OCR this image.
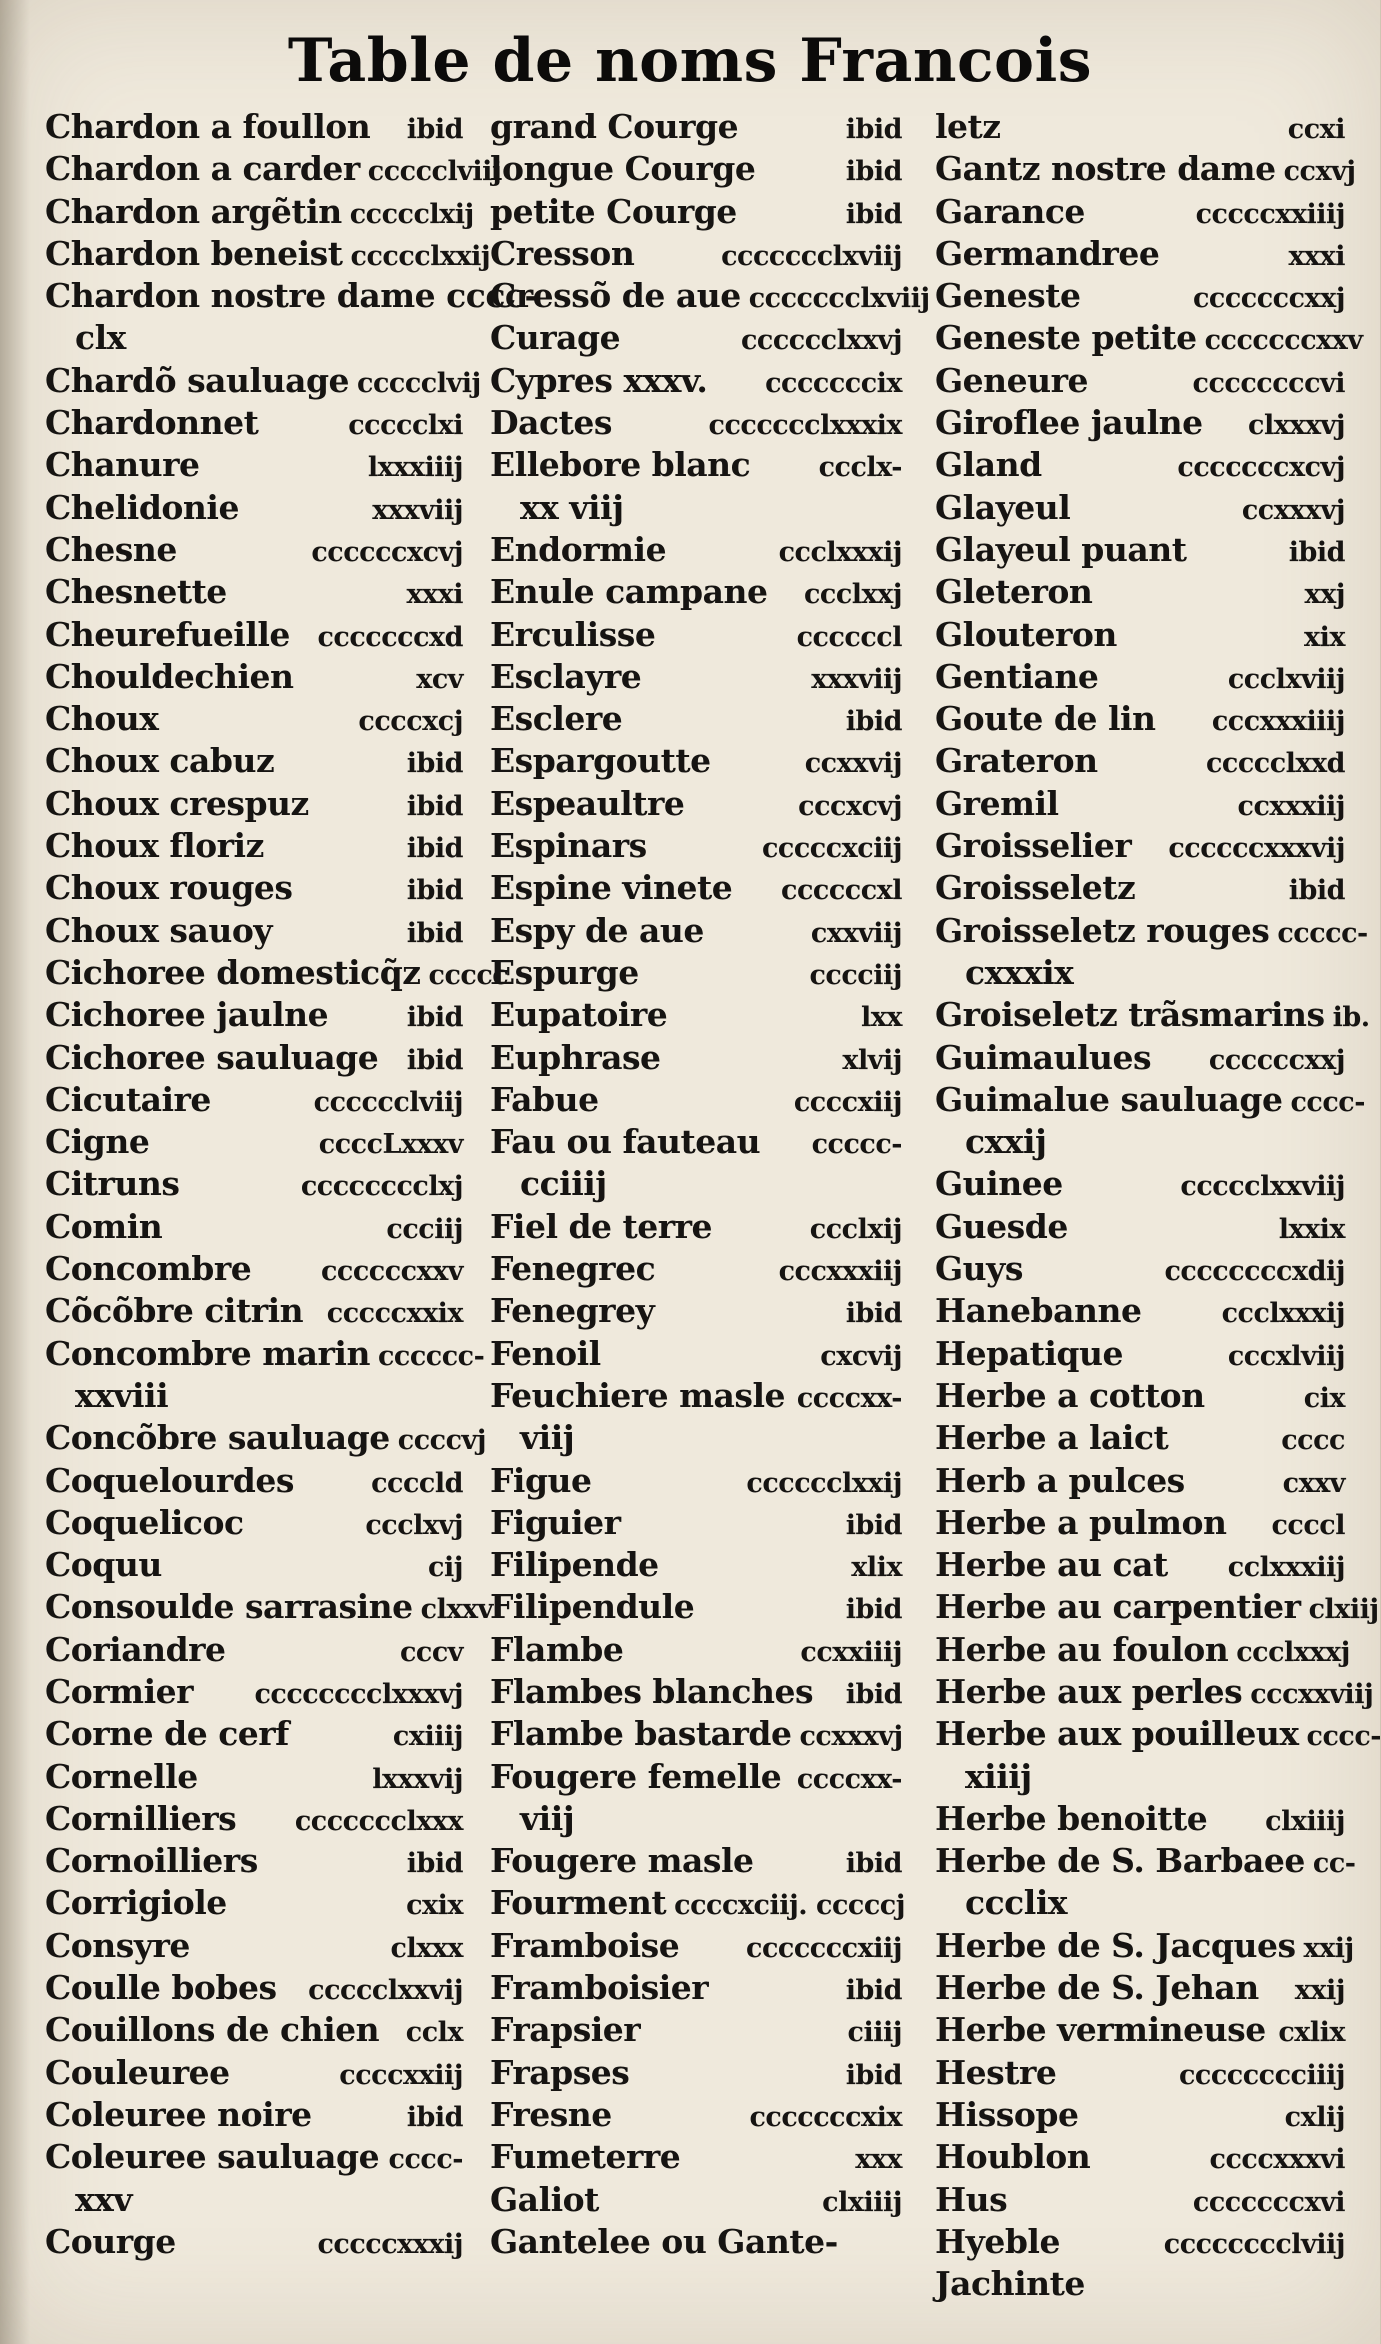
Table de noms Francois
Chardon a foullon ibid
Chardon a carder ccccclviij
Chardon argẽtin ccccclxij
Chardon beneist ccccclxxij
Chardon nostre dame cccc-
clx
Chardõ sauluage ccccclvij
Chardonnet	ccccclxi
Chanure	lxxxiiij
Chelidonie	xxxviij
Chesne	ccccccxcvj
Chesnette	xxxi
Cheurefueille cccccccxd
Chouldechien	xcv
Choux	ccccxcj
Choux cabuz	ibid
Choux crespuz	ibid
Choux floriz	ibid
Choux rouges	ibid
Choux sauoy	ibid
Cichoree domesticq̃z ccccc
Cichoree jaulne	ibid
Cichoree sauluage ibid
Cicutaire	cccccclviij
Cigne	ccccLxxxv
Citruns	cccccccclxj
Comin	ccciij
Concombre	ccccccxxv
Cõcõbre citrin cccccxxix
Concombre marin cccccc-
xxviii
Concõbre sauluage ccccvj
Coquelourdes	ccccld
Coquelicoc	ccclxvj
Coquu	cij
Consoulde sarrasine clxxv
Coriandre	cccv
Cormier cccccccclxxxvj
Corne de cerf	cxiiij
Cornelle	lxxxvij
Cornilliers ccccccclxxx
Cornoilliers	ibid
Corrigiole	cxix
Consyre	clxxx
Coulle bobes ccccclxxvij
Couillons de chien cclx
Couleuree	ccccxxiij
Coleuree noire	ibid
Coleuree sauluage cccc-
xxv
Courge	cccccxxxij
grand Courge	ibid
longue Courge	ibid
petite Courge	ibid
Cresson	ccccccclxviij
Cressõ de aue ccccccclxviij
Curage	cccccclxxvj
Cypres xxxv. cccccccix
Dactes	ccccccclxxxix
Ellebore blanc	ccclx-
xx viij
Endormie	ccclxxxij
Enule campane ccclxxj
Erculisse	ccccccl
Esclayre	xxxviij
Esclere	ibid
Espargoutte	ccxxvij
Espeaultre	cccxcvj
Espinars	cccccxciij
Espine vinete ccccccxl
Espy de aue	cxxviij
Espurge	cccciij
Eupatoire	lxx
Euphrase	xlvij
Fabue	ccccxiij
Fau ou fauteau ccccc-
cciiij
Fiel de terre	ccclxij
Fenegrec	cccxxxiij
Fenegrey	ibid
Fenoil	cxcvij
Feuchiere masle ccccxx-
viij
Figue	cccccclxxij
Figuier	ibid
Filipende	xlix
Filipendule	ibid
Flambe	ccxxiiij
Flambes blanches ibid
Flambe bastarde ccxxxvj
Fougere femelle ccccxx-
viij
Fougere masle	ibid
Fourment ccccxciij. cccccj
Framboise cccccccxiij
Framboisier	ibid
Frapsier	ciiij
Frapses	ibid
Fresne	cccccccxix
Fumeterre	xxx
Galiot	clxiiij
Gantelee ou Gante-
letz	ccxi
Gantz nostre dame ccxvj
Garance	cccccxxiiij
Germandree	xxxi
Geneste	cccccccxxj
Geneste petite cccccccxxv
Geneure	ccccccccvi
Giroflee jaulne clxxxvj
Gland	cccccccxcvj
Glayeul	ccxxxvj
Glayeul puant	ibid
Gleteron	xxj
Glouteron	xix
Gentiane	ccclxviij
Goute de lin cccxxxiiij
Grateron	ccccclxxd
Gremil	ccxxxiij
Groisselier ccccccxxxvij
Groisseletz	ibid
Groisseletz rouges ccccc-
cxxxix
Groiseletz trãsmarins ib.
Guimaulues ccccccxxj
Guimalue sauluage cccc-
cxxij
Guinee	ccccclxxviij
Guesde	lxxix
Guys	ccccccccxdij
Hanebanne	ccclxxxij
Hepatique	cccxlviij
Herbe a cotton	cix
Herbe a laict	cccc
Herb a pulces	cxxv
Herbe a pulmon ccccl
Herbe au cat cclxxxiij
Herbe au carpentier clxiij
Herbe au foulon ccclxxxj
Herbe aux perles cccxxviij
Herbe aux pouilleux cccc-
xiiij
Herbe benoitte clxiiij
Herbe de S. Barbaee cc-
ccclix
Herbe de S. Jacques xxij
Herbe de S. Jehan xxij
Herbe vermineuse cxlix
Hestre	cccccccciiij
Hissope	cxlij
Houblon	ccccxxxvi
Hus	cccccccxvi
Hyeble	cccccccclviij
Jachinte
